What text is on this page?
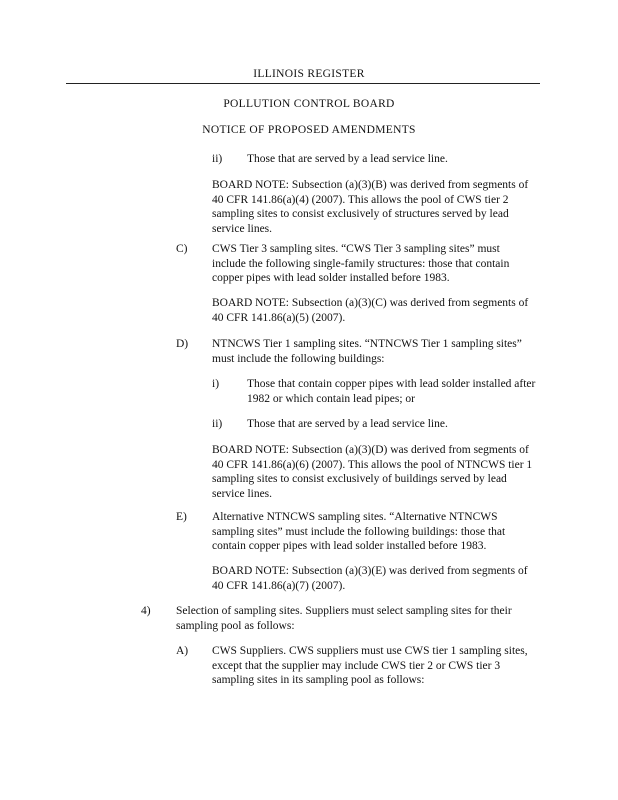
ILLINOIS REGISTER
POLLUTION CONTROL BOARD
NOTICE OF PROPOSED AMENDMENTS
ii) Those that are served by a lead service line.
BOARD NOTE: Subsection (a)(3)(B) was derived from segments of 40 CFR 141.86(a)(4) (2007). This allows the pool of CWS tier 2 sampling sites to consist exclusively of structures served by lead service lines.
C) CWS Tier 3 sampling sites. “CWS Tier 3 sampling sites” must include the following single-family structures: those that contain copper pipes with lead solder installed before 1983.
BOARD NOTE: Subsection (a)(3)(C) was derived from segments of 40 CFR 141.86(a)(5) (2007).
D) NTNCWS Tier 1 sampling sites. “NTNCWS Tier 1 sampling sites” must include the following buildings:
i) Those that contain copper pipes with lead solder installed after 1982 or which contain lead pipes; or
ii) Those that are served by a lead service line.
BOARD NOTE: Subsection (a)(3)(D) was derived from segments of 40 CFR 141.86(a)(6) (2007). This allows the pool of NTNCWS tier 1 sampling sites to consist exclusively of buildings served by lead service lines.
E) Alternative NTNCWS sampling sites. “Alternative NTNCWS sampling sites” must include the following buildings: those that contain copper pipes with lead solder installed before 1983.
BOARD NOTE: Subsection (a)(3)(E) was derived from segments of 40 CFR 141.86(a)(7) (2007).
4) Selection of sampling sites. Suppliers must select sampling sites for their sampling pool as follows:
A) CWS Suppliers. CWS suppliers must use CWS tier 1 sampling sites, except that the supplier may include CWS tier 2 or CWS tier 3 sampling sites in its sampling pool as follows:
